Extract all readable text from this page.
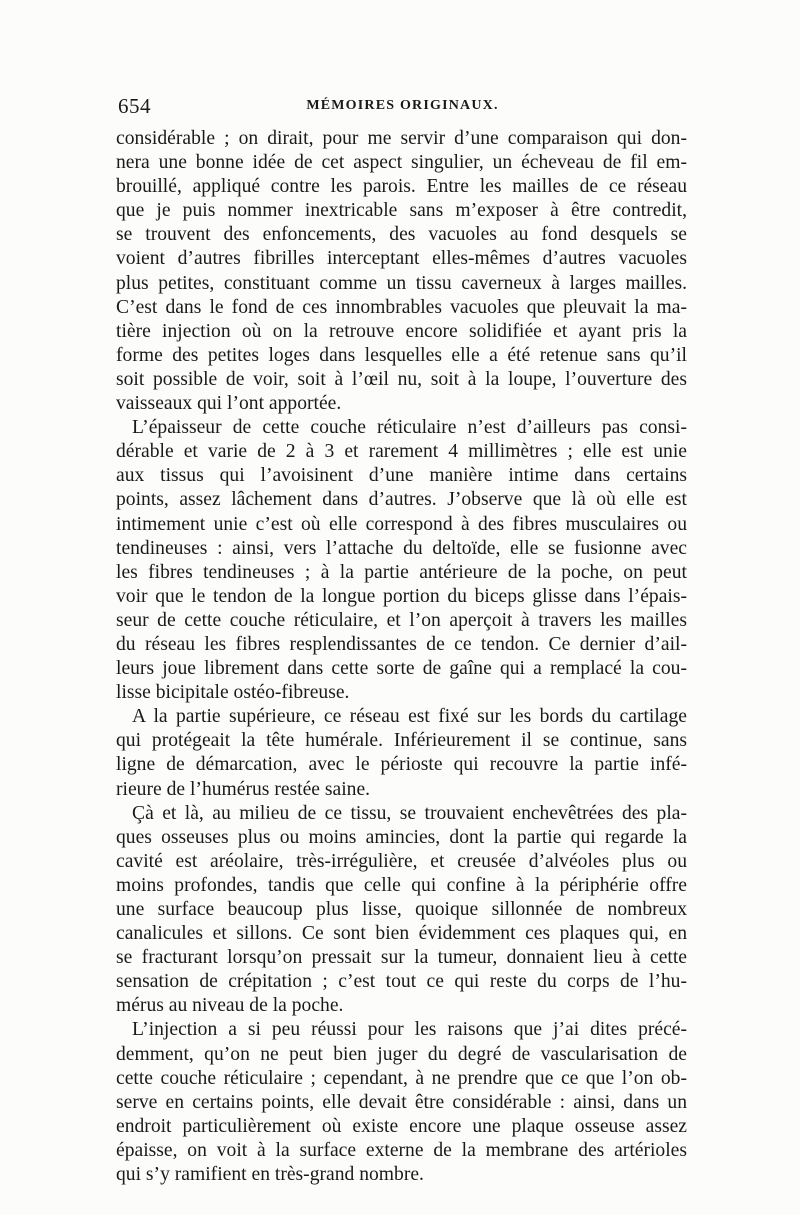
654	MÉMOIRES ORIGINAUX.
considérable ; on dirait, pour me servir d’une comparaison qui don-
nera une bonne idée de cet aspect singulier, un écheveau de fil em-
brouillé, appliqué contre les parois. Entre les mailles de ce réseau
que je puis nommer inextricable sans m’exposer à être contredit,
se trouvent des enfoncements, des vacuoles au fond desquels se
voient d’autres fibrilles interceptant elles-mêmes d’autres vacuoles
plus petites, constituant comme un tissu caverneux à larges mailles.
C’est dans le fond de ces innombrables vacuoles que pleuvait la ma-
tière injection où on la retrouve encore solidifiée et ayant pris la
forme des petites loges dans lesquelles elle a été retenue sans qu’il
soit possible de voir, soit à l’œil nu, soit à la loupe, l’ouverture des
vaisseaux qui l’ont apportée.
L’épaisseur de cette couche réticulaire n’est d’ailleurs pas consi-
dérable et varie de 2 à 3 et rarement 4 millimètres ; elle est unie
aux tissus qui l’avoisinent d’une manière intime dans certains
points, assez lâchement dans d’autres. J’observe que là où elle est
intimement unie c’est où elle correspond à des fibres musculaires ou
tendineuses : ainsi, vers l’attache du deltoïde, elle se fusionne avec
les fibres tendineuses ; à la partie antérieure de la poche, on peut
voir que le tendon de la longue portion du biceps glisse dans l’épais-
seur de cette couche réticulaire, et l’on aperçoit à travers les mailles
du réseau les fibres resplendissantes de ce tendon. Ce dernier d’ail-
leurs joue librement dans cette sorte de gaîne qui a remplacé la cou-
lisse bicipitale ostéo-fibreuse.
A la partie supérieure, ce réseau est fixé sur les bords du cartilage
qui protégeait la tête humérale. Inférieurement il se continue, sans
ligne de démarcation, avec le périoste qui recouvre la partie infé-
rieure de l’humérus restée saine.
Çà et là, au milieu de ce tissu, se trouvaient enchevêtrées des pla-
ques osseuses plus ou moins amincies, dont la partie qui regarde la
cavité est aréolaire, très-irrégulière, et creusée d’alvéoles plus ou
moins profondes, tandis que celle qui confine à la périphérie offre
une surface beaucoup plus lisse, quoique sillonnée de nombreux
canalicules et sillons. Ce sont bien évidemment ces plaques qui, en
se fracturant lorsqu’on pressait sur la tumeur, donnaient lieu à cette
sensation de crépitation ; c’est tout ce qui reste du corps de l’hu-
mérus au niveau de la poche.
L’injection a si peu réussi pour les raisons que j’ai dites précé-
demment, qu’on ne peut bien juger du degré de vascularisation de
cette couche réticulaire ; cependant, à ne prendre que ce que l’on ob-
serve en certains points, elle devait être considérable : ainsi, dans un
endroit particulièrement où existe encore une plaque osseuse assez
épaisse, on voit à la surface externe de la membrane des artérioles
qui s’y ramifient en très-grand nombre.
